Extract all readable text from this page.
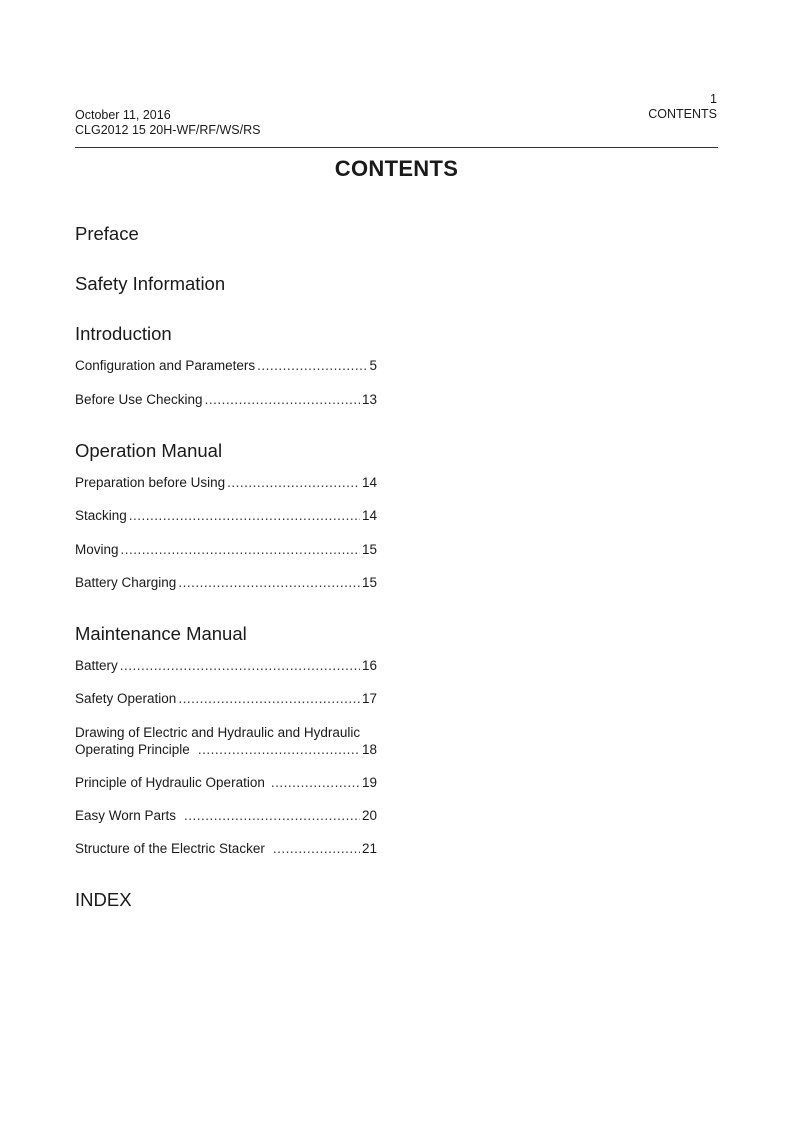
October 11, 2016
CLG2012 15 20H-WF/RF/WS/RS
1
CONTENTS
CONTENTS
Preface
Safety Information
Introduction
Configuration and Parameters .....	5
Before Use Checking .....	13
Operation Manual
Preparation before Using .....	14
Stacking .....	14
Moving .....	15
Battery Charging .....	15
Maintenance Manual
Battery .....	16
Safety Operation .....	17
Drawing of Electric and Hydraulic and Hydraulic
Operating Principle .....	18
Principle of Hydraulic Operation .....	19
Easy Worn Parts .....	20
Structure of the Electric Stacker .....	21
INDEX
